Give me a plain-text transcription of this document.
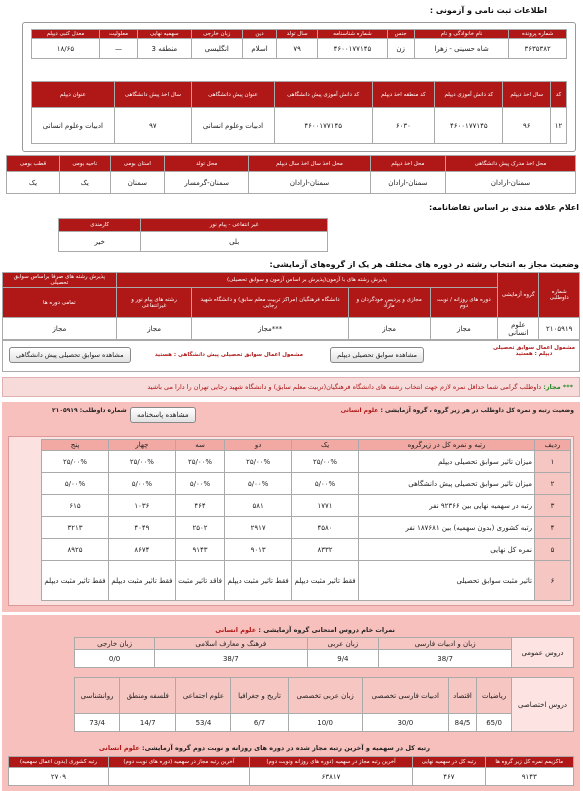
اطلاعات ثبت نامی و آزمونی :
شماره پرونده	نام خانوادگی و نام	جنس	شماره شناسنامه	سال تولد	دین	زبان خارجی	سهمیه نهایی	معلولیت	معدل کتبی دیپلم
۳۶۳۵۳۸۲	شاه حسینی - زهرا	زن	۴۶۰۰۱۷۷۱۴۵	۷۹	اسلام	انگلیسی	منطقه 3	—	۱۸/۶۵
کد	سال اخذ دیپلم	کد دانش آموزی دیپلم	کد منطقه اخذ دیپلم	کد دانش آموزی پیش دانشگاهی	عنوان پیش دانشگاهی	سال اخذ پیش دانشگاهی	عنوان دیپلم
۱۲	۹۶	۴۶۰۰۱۷۷۱۴۵	۶۰۳۰	۴۶۰۰۱۷۷۱۴۵	ادبیات وعلوم انسانی	۹۷	ادبیات وعلوم انسانی
محل اخذ مدرک پیش دانشگاهی	محل اخذ دیپلم	محل اخذ سال اخذ سال دیپلم	محل تولد	استان بومی	ناحیه بومی	قطب بومی
سمنان-ارادان	سمنان-ارادان	سمنان-ارادان	سمنان-گرمسار	سمنان	یک	یک
اعلام علاقه مندی بر اساس تقاضانامه:
غیر انتفاعی - پیام نور	کارمندی
بلی	خیر
وضعیت مجاز به انتخاب رشته در دوره های مختلف هر یک از گروه‌های آزمایشی:
شماره داوطلبی	گروه آزمایشی	پذیرش رشته های با آزمون(پذیرش بر اساس آزمون و سوابق تحصیلی)				پذیرش رشته های صرفا براساس سوابق تحصیلی
		دوره های روزانه / نوبت دوم	مجازی و پردیس خودگردان و مازاد	دانشگاه فرهنگیان (مراکز تربیت معلم سابق) و دانشگاه شهید رجایی	رشته های پیام نور و غیرانتفاعی	تمامی دوره ها
۲۱۰۵۹۱۹	علوم انسانی	مجاز	مجاز	***مجاز	مجاز	مجاز
مشمول اعمال سوابق تحصیلی دیپلم : هستید
مشاهده سوابق تحصیلی دیپلم
مشمول اعمال سوابق تحصیلی پیش دانشگاهی : هستید
مشاهده سوابق تحصیلی پیش دانشگاهی
*** مجاز: داوطلب گرامی شما حداقل نمره لازم جهت انتخاب رشته های دانشگاه فرهنگیان(تربیت معلم سابق) و دانشگاه شهید رجایی تهران را دارا می باشید
وضعیت رتبه و نمره کل داوطلب در هر زیر گروه ، گروه آزمایشی : علوم انسانی
شماره داوطلب: ۲۱۰۵۹۱۹
مشاهده پاسخنامه
ردیف	رتبه و نمره کل در زیرگروه	یک	دو	سه	چهار	پنج
۱	میزان تاثیر سوابق تحصیلی دیپلم	۲۵/۰۰%	۲۵/۰۰%	۲۵/۰۰%	۲۵/۰۰%	۲۵/۰۰%
۲	میزان تاثیر سوابق تحصیلی پیش دانشگاهی	۵/۰۰%	۵/۰۰%	۵/۰۰%	۵/۰۰%	۵/۰۰%
۳	رتبه در سهمیه نهایی بین ۹۲۳۶۶ نفر	۱۷۷۱	۵۸۱	۴۶۴	۱۰۳۶	۶۱۵
۴	رتبه کشوری (بدون سهمیه) بین ۱۸۷۶۸۱ نفر	۴۵۸۰	۲۹۱۷	۲۵۰۲	۴۰۴۹	۳۲۱۳
۵	نمره کل نهایی	۸۳۳۲	۹۰۱۳	۹۱۴۳	۸۶۷۴	۸۹۲۵
۶	تاثیر مثبت سوابق تحصیلی	فقط تاثیر مثبت دیپلم	فقط تاثیر مثبت دیپلم	فاقد تاثیر مثبت	فقط تاثیر مثبت دیپلم	فقط تاثیر مثبت دیپلم
نمرات خام دروس امتحانی گروه آزمایشی : علوم انسانی
دروس عمومی	زبان و ادبیات فارسی	زبان عربی	فرهنگ و معارف اسلامی	زبان خارجی
	38/7	9/4	38/7	0/0
دروس اختصاصی	ریاضیات	اقتصاد	ادبیات فارسی تخصصی	زبان عربی تخصصی	تاریخ و جغرافیا	علوم اجتماعی	فلسفه ومنطق	روانشناسی
	65/0	84/5	30/0	10/0	6/7	53/4	14/7	73/4
رتبه کل در سهمیه و آخرین رتبه مجاز شده در دوره های روزانه و نوبت دوم گروه آزمایشی: علوم انسانی
ماکزیمم نمره کل زیر گروه ها	رتبه کل در سهمیه نهایی	آخرین رتبه مجاز در سهمیه (دوره های روزانه ونوبت دوم)	آخرین رتبه مجاز در سهمیه (دوره های نوبت دوم)	رتبه کشوری (بدون اعمال سهمیه)
۹۱۴۳	۴۶۷	۶۳۸۱۷		۲۷۰۹
